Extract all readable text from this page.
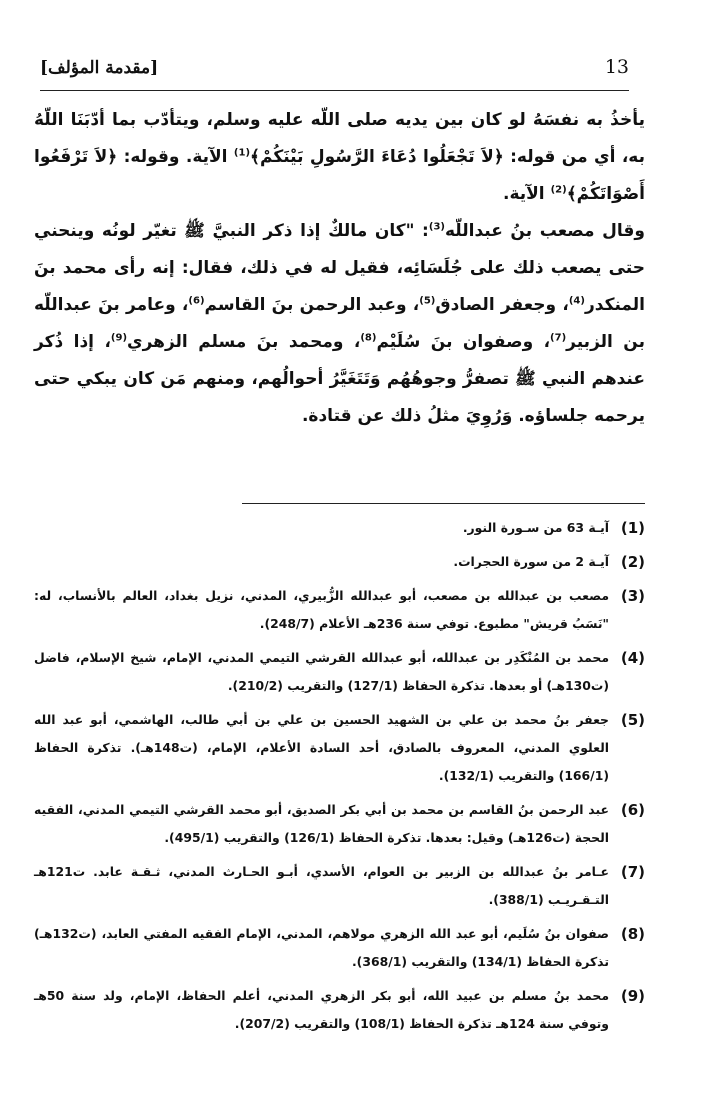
13
[مقدمة المؤلف]

يأخذُ به نفسَهُ لو كان بين يديه صلى اللّه عليه وسلم، ويتأدّب بما أدّبَنَا اللّهُ به، أي من قوله: ﴿لاَ تَجْعَلُوا دُعَاءَ الرَّسُولِ بَيْنَكُمْ﴾$^{(1)}$ الآية. وقوله: ﴿لاَ تَرْفَعُوا أَصْوَاتَكُمْ﴾$^{(2)}$ الآية.

وقال مصعب بنُ عبداللّه$^{(3)}$: "كان مالكٌ إذا ذكر النبيَّ ﷺ تغيّر لونُه وينحني حتى يصعب ذلك على جُلَسَائِه، فقيل له في ذلك، فقال: إنه رأى محمد بنَ المنكدر$^{(4)}$، وجعفر الصادق$^{(5)}$، وعبد الرحمن بنَ القاسم$^{(6)}$، وعامر بنَ عبداللّه بن الزبير$^{(7)}$، وصفوان بنَ سُلَيْم$^{(8)}$، ومحمد بنَ مسلم الزهري$^{(9)}$، إذا ذُكر عندهم النبي ﷺ تصفرُّ وجوهُهُم وَتَتَغَيَّرُ أحوالُهم، ومنهم مَن كان يبكي حتى يرحمه جلساؤه. وَرُوِيَ مثلُ ذلك عن قتادة.

(1)
آيـة 63 من سـورة النور.
(2)
آيـة 2 من سورة الحجرات.
(3)
مصعب بن عبدالله بن مصعب، أبو عبدالله الزُّبيري، المدني، نزيل بغداد، العالم بالأنساب، له: "نَسَبُ قريش" مطبوع. توفي سنة 236هـ الأعلام (248/7).
(4)
محمد بن المُنْكَدِر بن عبدالله، أبو عبدالله القرشي التيمي المدني، الإمام، شيخ الإسلام، فاضل (ت130هـ) أو بعدها. تذكرة الحفاظ (127/1) والتقريب (210/2).
(5)
جعفر بنُ محمد بن علي بن الشهيد الحسين بن علي بن أبي طالب، الهاشمي، أبو عبد الله العلوي المدني، المعروف بالصادق، أحد السادة الأعلام، الإمام، (ت148هـ). تذكرة الحفاظ (166/1) والتقريب (132/1).
(6)
عبد الرحمن بنُ القاسم بن محمد بن أبي بكر الصديق، أبو محمد القرشي التيمي المدني، الفقيه الحجة (ت126هـ) وقيل: بعدها. تذكرة الحفاظ (126/1) والتقريب (495/1).
(7)
عـامر بنُ عبدالله بن الزبير بن العوام، الأسدي، أبـو الحـارث المدني، ثـقـة عابد. ت121هـ التـقـريـب (388/1).
(8)
صفوان بنُ سُلَيم، أبو عبد الله الزهري مولاهم، المدني، الإمام الفقيه المفتي العابد، (ت132هـ) تذكرة الحفاظ (134/1) والتقريب (368/1).
(9)
محمد بنُ مسلم بن عبيد الله، أبو بكر الزهري المدني، أعلم الحفاظ، الإمام، ولد سنة 50هـ وتوفي سنة 124هـ تذكرة الحفاظ (108/1) والتقريب (207/2).
